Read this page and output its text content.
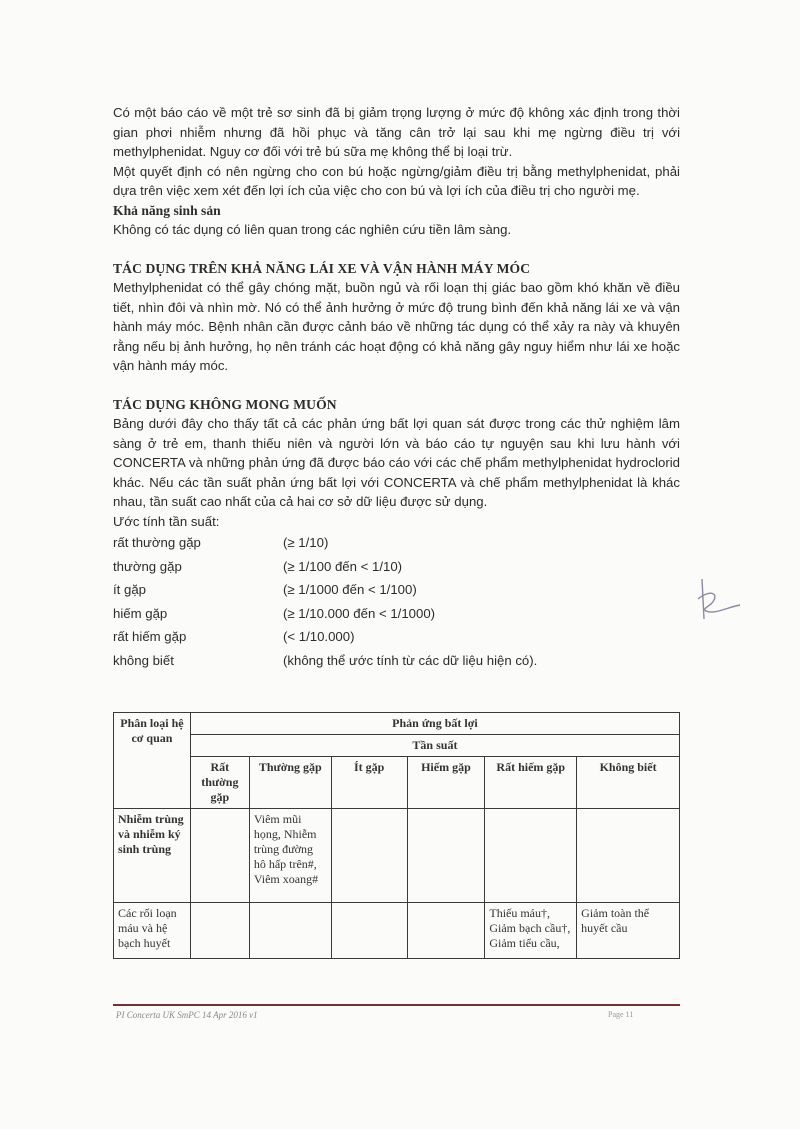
Có một báo cáo về một trẻ sơ sinh đã bị giảm trọng lượng ở mức độ không xác định trong thời gian phơi nhiễm nhưng đã hồi phục và tăng cân trở lại sau khi mẹ ngừng điều trị với methylphenidat. Nguy cơ đối với trẻ bú sữa mẹ không thể bị loại trừ.

Một quyết định có nên ngừng cho con bú hoặc ngừng/giảm điều trị bằng methylphenidat, phải dựa trên việc xem xét đến lợi ích của việc cho con bú và lợi ích của điều trị cho người mẹ.

Khả năng sinh sản

Không có tác dụng có liên quan trong các nghiên cứu tiền lâm sàng.

TÁC DỤNG TRÊN KHẢ NĂNG LÁI XE VÀ VẬN HÀNH MÁY MÓC

Methylphenidat có thể gây chóng mặt, buồn ngủ và rối loạn thị giác bao gồm khó khăn về điều tiết, nhìn đôi và nhìn mờ. Nó có thể ảnh hưởng ở mức độ trung bình đến khả năng lái xe và vận hành máy móc. Bệnh nhân cần được cảnh báo về những tác dụng có thể xảy ra này và khuyên rằng nếu bị ảnh hưởng, họ nên tránh các hoạt động có khả năng gây nguy hiểm như lái xe hoặc vận hành máy móc.

TÁC DỤNG KHÔNG MONG MUỐN

Bảng dưới đây cho thấy tất cả các phản ứng bất lợi quan sát được trong các thử nghiệm lâm sàng ở trẻ em, thanh thiếu niên và người lớn và báo cáo tự nguyện sau khi lưu hành với CONCERTA và những phản ứng đã được báo cáo với các chế phẩm methylphenidat hydroclorid khác. Nếu các tần suất phản ứng bất lợi với CONCERTA và chế phẩm methylphenidat là khác nhau, tần suất cao nhất của cả hai cơ sở dữ liệu được sử dụng.

Ước tính tần suất:

rất thường gặp	(≥ 1/10)
thường gặp	(≥ 1/100 đến < 1/10)
ít gặp	(≥ 1/1000 đến < 1/100)
hiếm gặp	(≥ 1/10.000 đến < 1/1000)
rất hiếm gặp	(< 1/10.000)
không biết	(không thể ước tính từ các dữ liệu hiện có).
Phân loại hệ cơ quan	Phản ứng bất lợi					
	Tần suất					
	Rất thường gặp	Thường gặp	Ít gặp	Hiếm gặp	Rất hiếm gặp	Không biết
Nhiễm trùng và nhiễm ký sinh trùng		Viêm mũi họng, Nhiễm trùng đường hô hấp trên#, Viêm xoang#				
Các rối loạn máu và hệ bạch huyết					Thiếu máu†, Giảm bạch cầu†, Giảm tiểu cầu,	Giảm toàn thể huyết cầu
PI Concerta UK SmPC 14 Apr 2016 v1	Page 11
